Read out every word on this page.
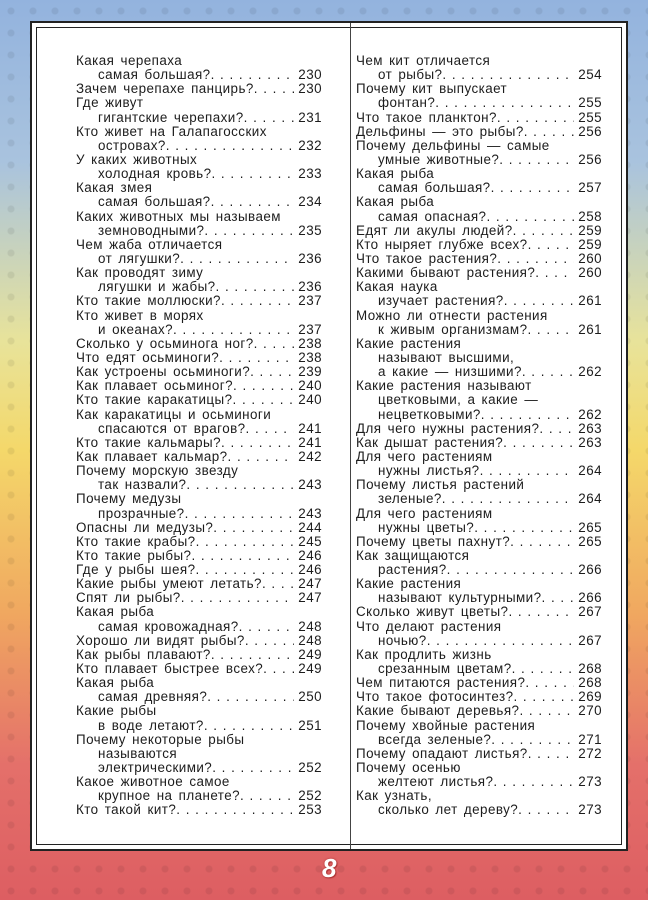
Какая черепаха
самая большая? . . .	230
Зачем черепахе панцирь? . . .	230
Где живут
гигантские черепахи? . . .	231
Кто живет на Галапагосских
островах? . . .	232
У каких животных
холодная кровь? . . .	233
Какая змея
самая большая? . . .	234
Каких животных мы называем
земноводными? . . .	235
Чем жаба отличается
от лягушки? . . .	236
Как проводят зиму
лягушки и жабы? . . .	236
Кто такие моллюски? . . .	237
Кто живет в морях
и океанах? . . .	237
Сколько у осьминога ног? . . .	238
Что едят осьминоги? . . .	238
Как устроены осьминоги? . . .	239
Как плавает осьминог? . . .	240
Кто такие каракатицы? . . .	240
Как каракатицы и осьминоги
спасаются от врагов? . . .	241
Кто такие кальмары? . . .	241
Как плавает кальмар? . . .	242
Почему морскую звезду
так назвали? . . .	243
Почему медузы
прозрачные? . . .	243
Опасны ли медузы? . . .	244
Кто такие крабы? . . .	245
Кто такие рыбы? . . .	246
Где у рыбы шея? . . .	246
Какие рыбы умеют летать? . . .	247
Спят ли рыбы? . . .	247
Какая рыба
самая кровожадная? . . .	248
Хорошо ли видят рыбы? . . .	248
Как рыбы плавают? . . .	249
Кто плавает быстрее всех? . . .	249
Какая рыба
самая древняя? . . .	250
Какие рыбы
в воде летают? . . .	251
Почему некоторые рыбы
называются
электрическими? . . .	252
Какое животное самое
крупное на планете? . . .	252
Кто такой кит? . . .	253
Чем кит отличается
от рыбы? . . .	254
Почему кит выпускает
фонтан? . . .	255
Что такое планктон? . . .	255
Дельфины — это рыбы? . . .	256
Почему дельфины — самые
умные животные? . . .	256
Какая рыба
самая большая? . . .	257
Какая рыба
самая опасная? . . .	258
Едят ли акулы людей? . . .	259
Кто ныряет глубже всех? . . .	259
Что такое растения? . . .	260
Какими бывают растения? . . .	260
Какая наука
изучает растения? . . .	261
Можно ли отнести растения
к живым организмам? . . .	261
Какие растения
называют высшими,
а какие — низшими? . . .	262
Какие растения называют
цветковыми, а какие —
нецветковыми? . . .	262
Для чего нужны растения? . . .	263
Как дышат растения? . . .	263
Для чего растениям
нужны листья? . . .	264
Почему листья растений
зеленые? . . .	264
Для чего растениям
нужны цветы? . . .	265
Почему цветы пахнут? . . .	265
Как защищаются
растения? . . .	266
Какие растения
называют культурными? . . .	266
Сколько живут цветы? . . .	267
Что делают растения
ночью? . . .	267
Как продлить жизнь
срезанным цветам? . . .	268
Чем питаются растения? . . .	268
Что такое фотосинтез? . . .	269
Какие бывают деревья? . . .	270
Почему хвойные растения
всегда зеленые? . . .	271
Почему опадают листья? . . .	272
Почему осенью
желтеют листья? . . .	273
Как узнать,
сколько лет дереву? . . .	273
8
